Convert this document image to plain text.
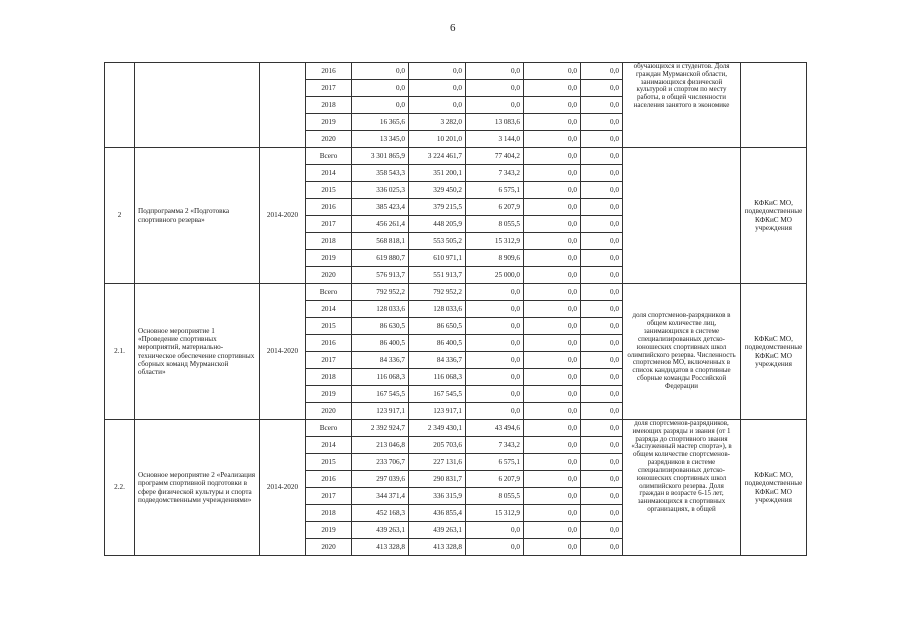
6
			2016	0,0	0,0	0,0	0,0	0,0	обучающихся и студентов. Доля граждан Мурманской области, занимающихся физической культурой и спортом по месту работы, в общей численности населения занятого в экономике	
			2017	0,0	0,0	0,0	0,0	0,0		
			2018	0,0	0,0	0,0	0,0	0,0		
			2019	16 365,6	3 282,0	13 083,6	0,0	0,0		
			2020	13 345,0	10 201,0	3 144,0	0,0	0,0		
2	Подпрограмма 2 «Подготовка спортивного резерва»	2014-2020	Всего	3 301 865,9	3 224 461,7	77 404,2	0,0	0,0		КФКиС МО, подведомственные КФКиС МО учреждения
			2014	358 543,3	351 200,1	7 343,2	0,0	0,0		
			2015	336 025,3	329 450,2	6 575,1	0,0	0,0		
			2016	385 423,4	379 215,5	6 207,9	0,0	0,0		
			2017	456 261,4	448 205,9	8 055,5	0,0	0,0		
			2018	568 818,1	553 505,2	15 312,9	0,0	0,0		
			2019	619 880,7	610 971,1	8 909,6	0,0	0,0		
			2020	576 913,7	551 913,7	25 000,0	0,0	0,0		
2.1.	Основное мероприятие 1 «Проведение спортивных мероприятий, материально-техническое обеспечение спортивных сборных команд Мурманской области»	2014-2020	Всего	792 952,2	792 952,2	0,0	0,0	0,0	доля спортсменов-разрядников в общем количестве лиц, занимающихся в системе специализированных детско-юношеских спортивных школ олимпийского резерва. Численность спортсменов МО, включенных в список кандидатов в спортивные сборные команды Российской Федерации	КФКиС МО, подведомственные КФКиС МО учреждения
			2014	128 033,6	128 033,6	0,0	0,0	0,0		
			2015	86 630,5	86 650,5	0,0	0,0	0,0		
			2016	86 400,5	86 400,5	0,0	0,0	0,0		
			2017	84 336,7	84 336,7	0,0	0,0	0,0		
			2018	116 068,3	116 068,3	0,0	0,0	0,0		
			2019	167 545,5	167 545,5	0,0	0,0	0,0		
			2020	123 917,1	123 917,1	0,0	0,0	0,0		
2.2.	Основное мероприятие 2 «Реализация программ спортивной подготовки в сфере физической культуры и спорта подведомственными учреждениями»	2014-2020	Всего	2 392 924,7	2 349 430,1	43 494,6	0,0	0,0	доля спортсменов-разрядников, имеющих разряды и звания (от 1 разряда до спортивного звания «Заслуженный мастер спорта»), в общем количестве спортсменов-разрядников в системе специализированных детско-юношеских спортивных школ олимпийского резерва. Доля граждан в возрасте 6-15 лет, занимающихся в спортивных организациях, в общей	КФКиС МО, подведомственные КФКиС МО учреждения
			2014	213 046,8	205 703,6	7 343,2	0,0	0,0		
			2015	233 706,7	227 131,6	6 575,1	0,0	0,0		
			2016	297 039,6	290 831,7	6 207,9	0,0	0,0		
			2017	344 371,4	336 315,9	8 055,5	0,0	0,0		
			2018	452 168,3	436 855,4	15 312,9	0,0	0,0		
			2019	439 263,1	439 263,1	0,0	0,0	0,0		
			2020	413 328,8	413 328,8	0,0	0,0	0,0		
